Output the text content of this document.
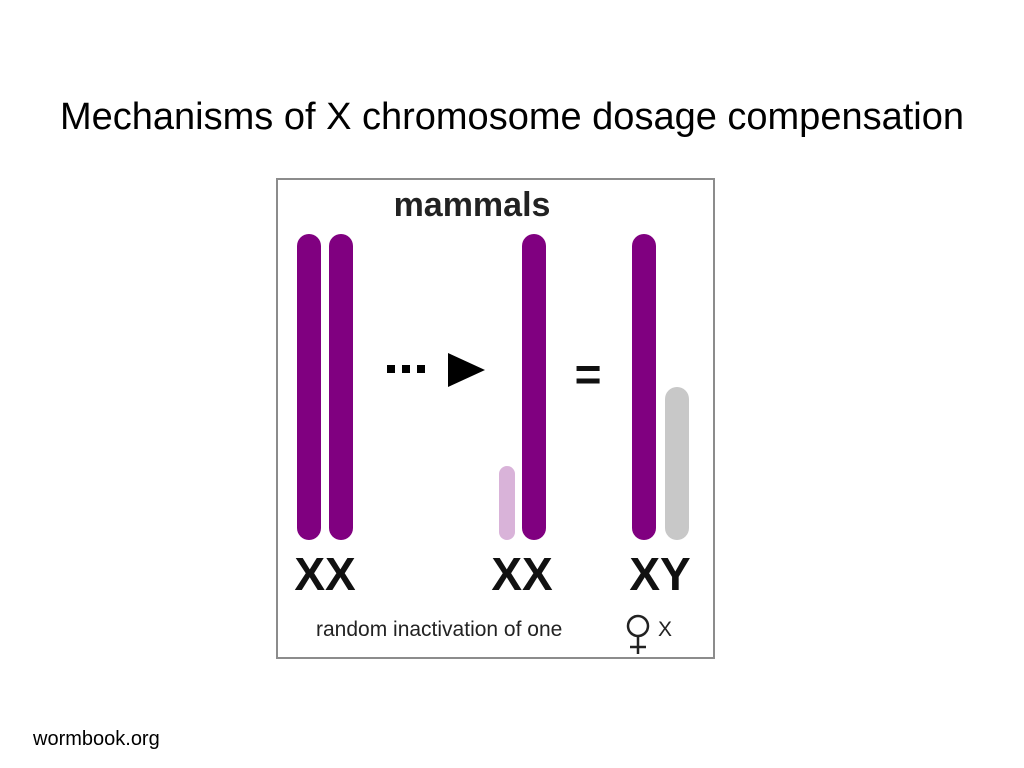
Mechanisms of X chromosome dosage compensation
mammals
=
XX	XX XY
random inactivation of one	X
wormbook.org
